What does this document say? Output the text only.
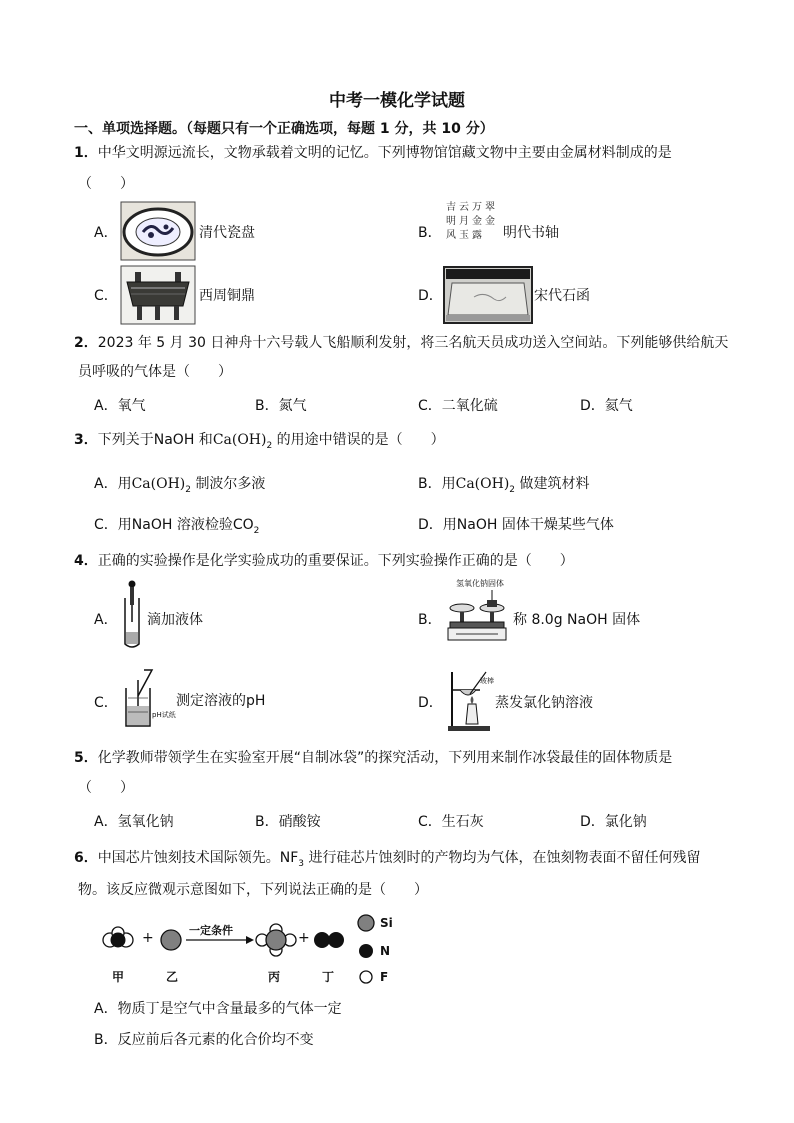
中考一模化学试题
一、单项选择题。（每题只有一个正确选项，每题 1 分，共 10 分）
1．中华文明源远流长，文物承载着文明的记忆。下列博物馆馆藏文物中主要由金属材料制成的是
（　　）
A．	清代瓷盘	B．
吉 云 万 翠
明 月 金 金
风 玉 露 明代书轴
C．	西周铜鼎	D．	宋代石函
2．2023 年 5 月 30 日神舟十六号载人飞船顺利发射，将三名航天员成功送入空间站。下列能够供给航天
员呼吸的气体是（　　）
A．氧气	B．氮气	C．二氧化硫	D．氦气
3．下列关于NaOH 和$Ca(OH)_2$ 的用途中错误的是（　　）
A．用$Ca(OH)_2$ 制波尔多液	B．用$Ca(OH)_2$ 做建筑材料
C．用NaOH 溶液检验$CO_2$	D．用NaOH 固体干燥某些气体
4．正确的实验操作是化学实验成功的重要保证。下列实验操作正确的是（　　）
A． 滴加液体	B．
氢氧化钠固体
称 8.0g NaOH 固体
C．
pH试纸
测定溶液的pH	D．
玻棒
蒸发氯化钠溶液
5．化学教师带领学生在实验室开展“自制冰袋”的探究活动，下列用来制作冰袋最佳的固体物质是
（　　）
A．氢氧化钠	B．硝酸铵	C．生石灰	D．氯化钠
6．中国芯片蚀刻技术国际领先。$NF_3$ 进行硅芯片蚀刻时的产物均为气体，在蚀刻物表面不留任何残留
物。该反应微观示意图如下，下列说法正确的是（　　）
+	一定条件	+
甲	乙	丙	丁
Si
N
F
A．物质丁是空气中含量最多的气体一定
B．反应前后各元素的化合价均不变
